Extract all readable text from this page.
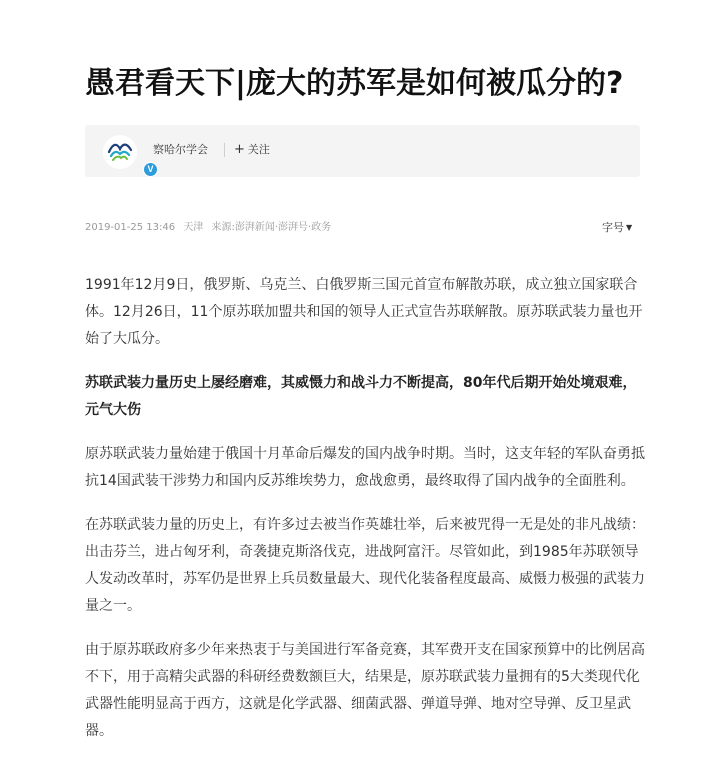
愚君看天下|庞大的苏军是如何被瓜分的?
V
察哈尔学会 + 关注
2019-01-25 13:46 天津 来源:澎湃新闻·澎湃号·政务	字号 ▼

1991年12月9日，俄罗斯、乌克兰、白俄罗斯三国元首宣布解散苏联，成立独立国家联合体。12月26日，11个原苏联加盟共和国的领导人正式宣告苏联解散。原苏联武装力量也开始了大瓜分。

苏联武装力量历史上屡经磨难，其威慑力和战斗力不断提高，80年代后期开始处境艰难，元气大伤

原苏联武装力量始建于俄国十月革命后爆发的国内战争时期。当时，这支年轻的军队奋勇抵抗14国武装干涉势力和国内反苏维埃势力，愈战愈勇，最终取得了国内战争的全面胜利。

在苏联武装力量的历史上，有许多过去被当作英雄壮举，后来被咒得一无是处的非凡战绩：出击芬兰，进占匈牙利，奇袭捷克斯洛伐克，进战阿富汗。尽管如此，到1985年苏联领导人发动改革时，苏军仍是世界上兵员数量最大、现代化装备程度最高、威慑力极强的武装力量之一。

由于原苏联政府多少年来热衷于与美国进行军备竞赛，其军费开支在国家预算中的比例居高不下，用于高精尖武器的科研经费数额巨大，结果是，原苏联武装力量拥有的5大类现代化武器性能明显高于西方，这就是化学武器、细菌武器、弹道导弹、地对空导弹、反卫星武器。
